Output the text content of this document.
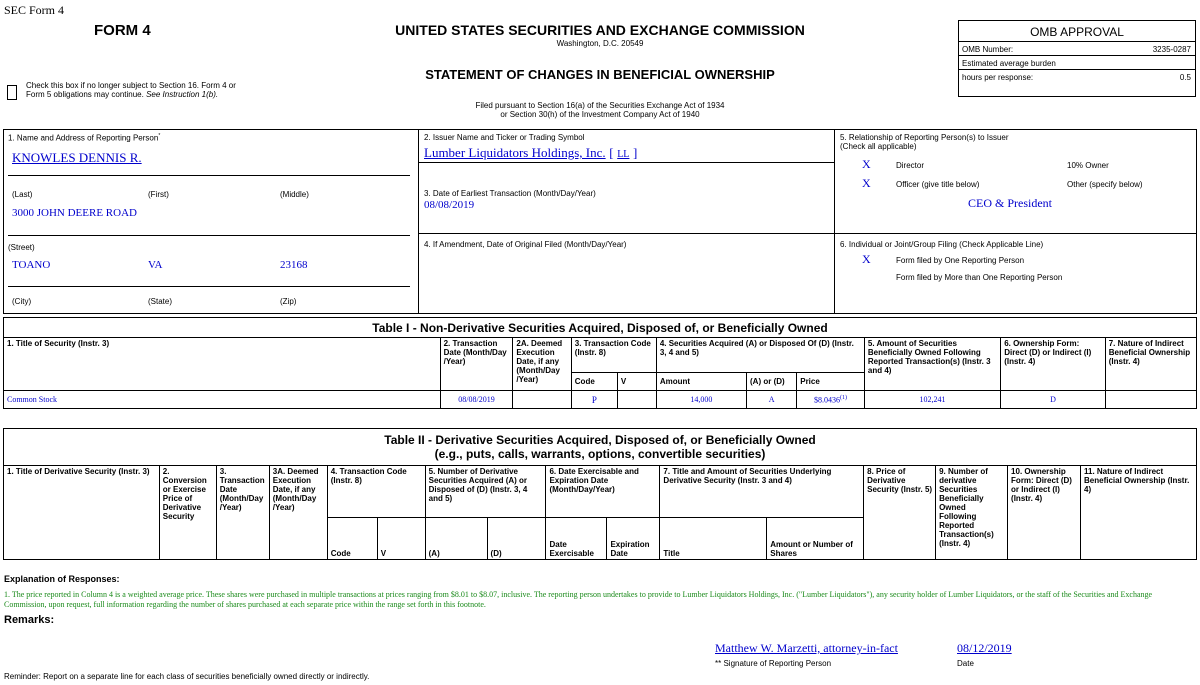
SEC Form 4
FORM 4	UNITED STATES SECURITIES AND EXCHANGE COMMISSION
Washington, D.C. 20549
STATEMENT OF CHANGES IN BENEFICIAL OWNERSHIP
Filed pursuant to Section 16(a) of the Securities Exchange Act of 1934
or Section 30(h) of the Investment Company Act of 1940
Check this box if no longer subject to Section 16. Form 4 or Form 5 obligations may continue. See Instruction 1(b).
OMB APPROVAL
OMB Number:	3235-0287
Estimated average burden
hours per response:	0.5
1. Name and Address of Reporting Person*
KNOWLES DENNIS R.
(Last)	(First)	(Middle)
3000 JOHN DEERE ROAD
(Street)
TOANO	VA	23168
(City)	(State)	(Zip)
2. Issuer Name and Ticker or Trading Symbol
Lumber Liquidators Holdings, Inc. [ LL ]
3. Date of Earliest Transaction (Month/Day/Year)
08/08/2019
4. If Amendment, Date of Original Filed (Month/Day/Year)
5. Relationship of Reporting Person(s) to Issuer
(Check all applicable)
X	Director	10% Owner
X	Officer (give title below)	Other (specify below)
CEO & President
6. Individual or Joint/Group Filing (Check Applicable Line)
X	Form filed by One Reporting Person
Form filed by More than One Reporting Person
Table I - Non-Derivative Securities Acquired, Disposed of, or Beneficially Owned										
1. Title of Security (Instr. 3)	2. Transaction Date (Month/Day /Year)	2A. Deemed Execution Date, if any (Month/Day /Year)	3. Transaction Code (Instr. 8)		4. Securities Acquired (A) or Disposed Of (D) (Instr. 3, 4 and 5)			5. Amount of Securities Beneficially Owned Following Reported Transaction(s) (Instr. 3 and 4)	6. Ownership Form: Direct (D) or Indirect (I) (Instr. 4)	7. Nature of Indirect Beneficial Ownership (Instr. 4)
			Code	V	Amount	(A) or (D)	Price			
Common Stock	08/08/2019		P		14,000	A	$8.0436$^{(1)}$	102,241	D	
Table II - Derivative Securities Acquired, Disposed of, or Beneficially Owned
(e.g., puts, calls, warrants, options, convertible securities)															

1. Title of Derivative Security (Instr. 3)	2. Conversion or Exercise Price of Derivative Security	3. Transaction Date (Month/Day /Year)	3A. Deemed Execution Date, if any (Month/Day /Year)	4. Transaction Code (Instr. 8)		5. Number of Derivative Securities Acquired (A) or Disposed of (D) (Instr. 3, 4 and 5)		6. Date Exercisable and Expiration Date (Month/Day/Year)		7. Title and Amount of Securities Underlying Derivative Security (Instr. 3 and 4)		8. Price of Derivative Security (Instr. 5)	9. Number of derivative Securities Beneficially Owned Following Reported Transaction(s) (Instr. 4)	10. Ownership Form: Direct (D) or Indirect (I) (Instr. 4)	11. Nature of Indirect Beneficial Ownership (Instr. 4)
				Code	V	(A)	(D)	Date Exercisable	Expiration Date	Title	Amount or Number of Shares				
Explanation of Responses:
1. The price reported in Column 4 is a weighted average price. These shares were purchased in multiple transactions at prices ranging from $8.01 to $8.07, inclusive. The reporting person undertakes to provide to Lumber Liquidators Holdings, Inc. ("Lumber Liquidators"), any security holder of Lumber Liquidators, or the staff of the Securities and Exchange Commission, upon request, full information regarding the number of shares purchased at each separate price within the range set forth in this footnote.
Remarks:
Matthew W. Marzetti, attorney-in-fact	08/12/2019
** Signature of Reporting Person	Date
Reminder: Report on a separate line for each class of securities beneficially owned directly or indirectly.
